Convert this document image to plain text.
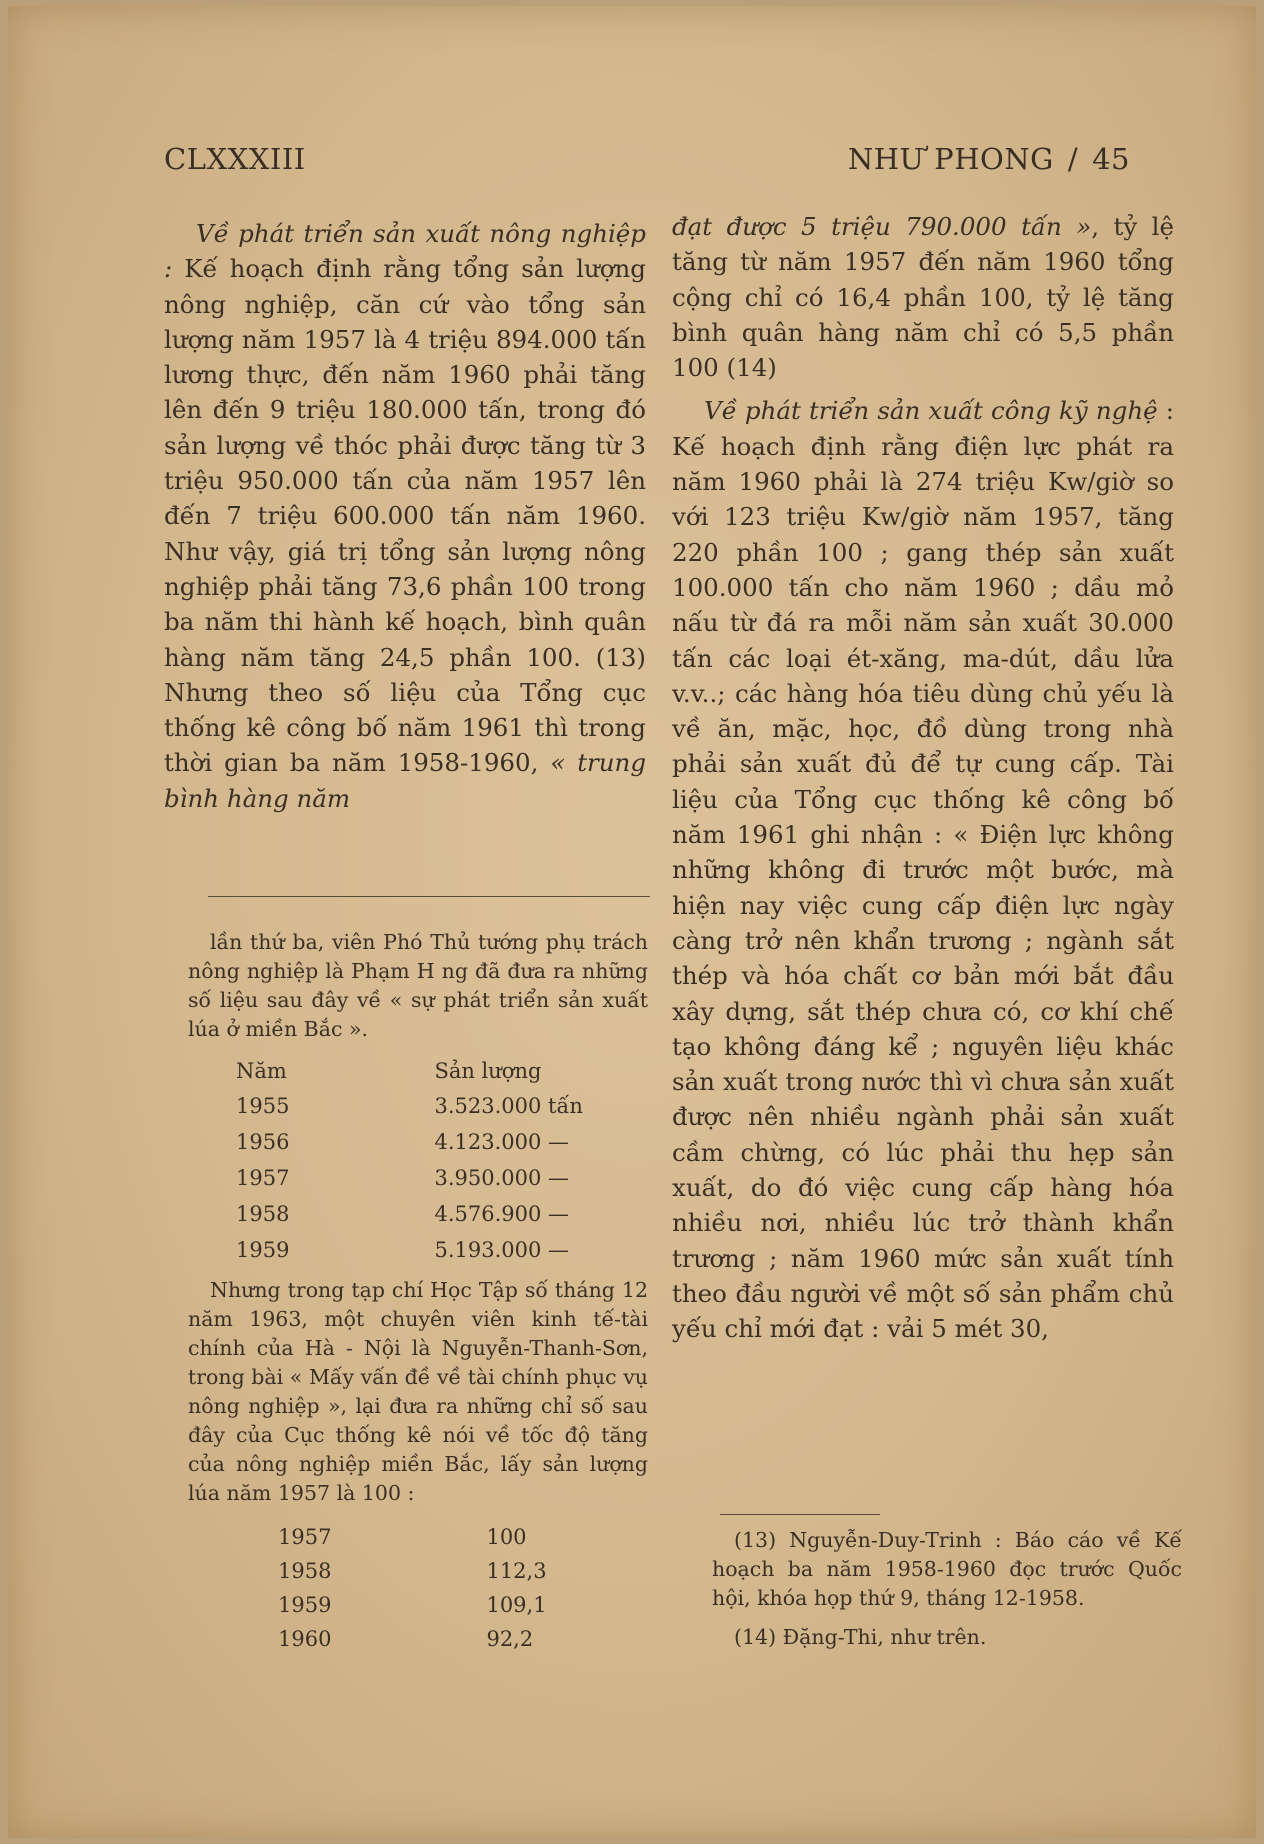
CLXXXIII	NHƯ PHONG / 45

Về phát triển sản xuất nông nghiệp : Kế hoạch định rằng tổng sản lượng nông nghiệp, căn cứ vào tổng sản lượng năm 1957 là 4 triệu 894.000 tấn lương thực, đến năm 1960 phải tăng lên đến 9 triệu 180.000 tấn, trong đó sản lượng về thóc phải được tăng từ 3 triệu 950.000 tấn của năm 1957 lên đến 7 triệu 600.000 tấn năm 1960. Như vậy, giá trị tổng sản lượng nông nghiệp phải tăng 73,6 phần 100 trong ba năm thi hành kế hoạch, bình quân hàng năm tăng 24,5 phần 100. (13) Nhưng theo số liệu của Tổng cục thống kê công bố năm 1961 thì trong thời gian ba năm 1958-1960, « trung bình hàng năm

đạt được 5 triệu 790.000 tấn », tỷ lệ tăng từ năm 1957 đến năm 1960 tổng cộng chỉ có 16,4 phần 100, tỷ lệ tăng bình quân hàng năm chỉ có 5,5 phần 100 (14)

Về phát triển sản xuất công kỹ nghệ : Kế hoạch định rằng điện lực phát ra năm 1960 phải là 274 triệu Kw/giờ so với 123 triệu Kw/giờ năm 1957, tăng 220 phần 100 ; gang thép sản xuất 100.000 tấn cho năm 1960 ; dầu mỏ nấu từ đá ra mỗi năm sản xuất 30.000 tấn các loại ét-xăng, ma-dút, dầu lửa v.v..; các hàng hóa tiêu dùng chủ yếu là về ăn, mặc, học, đồ dùng trong nhà phải sản xuất đủ để tự cung cấp. Tài liệu của Tổng cục thống kê công bố năm 1961 ghi nhận : « Điện lực không những không đi trước một bước, mà hiện nay việc cung cấp điện lực ngày càng trở nên khẩn trương ; ngành sắt thép và hóa chất cơ bản mới bắt đầu xây dựng, sắt thép chưa có, cơ khí chế tạo không đáng kể ; nguyên liệu khác sản xuất trong nước thì vì chưa sản xuất được nên nhiều ngành phải sản xuất cầm chừng, có lúc phải thu hẹp sản xuất, do đó việc cung cấp hàng hóa nhiều nơi, nhiều lúc trở thành khẩn trương ; năm 1960 mức sản xuất tính theo đầu người về một số sản phẩm chủ yếu chỉ mới đạt : vải 5 mét 30,

lần thứ ba, viên Phó Thủ tướng phụ trách nông nghiệp là Phạm H ng đã đưa ra những số liệu sau đây về « sự phát triển sản xuất lúa ở miền Bắc ».

Năm	Sản lượng
1955	3.523.000 tấn
1956	4.123.000 —
1957	3.950.000 —
1958	4.576.900 —
1959	5.193.000 —

Nhưng trong tạp chí Học Tập số tháng 12 năm 1963, một chuyên viên kinh tế-tài chính của Hà - Nội là Nguyễn-Thanh-Sơn, trong bài « Mấy vấn đề về tài chính phục vụ nông nghiệp », lại đưa ra những chỉ số sau đây của Cục thống kê nói về tốc độ tăng của nông nghiệp miền Bắc, lấy sản lượng lúa năm 1957 là 100 :

1957	100
1958	112,3
1959	109,1
1960	92,2

(13) Nguyễn-Duy-Trinh : Báo cáo về Kế hoạch ba năm 1958-1960 đọc trước Quốc hội, khóa họp thứ 9, tháng 12-1958.

(14) Đặng-Thi, như trên.
